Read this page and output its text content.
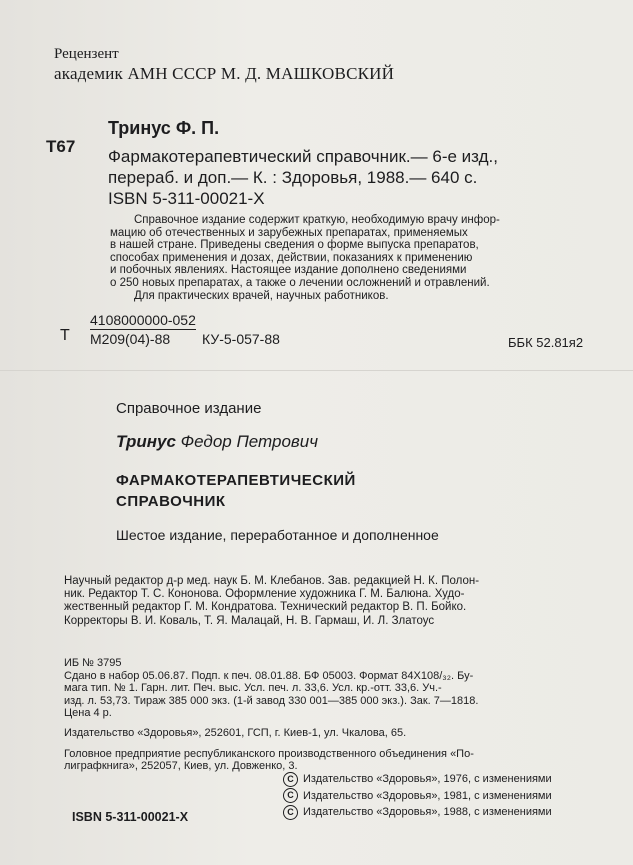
Рецензент
академик АМН СССР М. Д. МАШКОВСКИЙ
Тринус Ф. П.
Т67
Фармакотерапевтический справочник.— 6-е изд.,
перераб. и доп.— К. : Здоровья, 1988.— 640 с.
ISBN 5-311-00021-X
Справочное издание содержит краткую, необходимую врачу инфор-
мацию об отечественных и зарубежных препаратах, применяемых
в нашей стране. Приведены сведения о форме выпуска препаратов,
способах применения и дозах, действии, показаниях к применению
и побочных явлениях. Настоящее издание дополнено сведениями
о 250 новых препаратах, а также о лечении осложнений и отравлений.
Для практических врачей, научных работников.
Т
4108000000-052
М209(04)-88	КУ-5-057-88	ББК 52.81я2
Справочное издание
Тринус Федор Петрович
ФАРМАКОТЕРАПЕВТИЧЕСКИЙ
СПРАВОЧНИК
Шестое издание, переработанное и дополненное
Научный редактор д-р мед. наук Б. М. Клебанов. Зав. редакцией Н. К. Полон-
ник. Редактор Т. С. Кононова. Оформление художника Г. М. Балюна. Худо-
жественный редактор Г. М. Кондратова. Технический редактор В. П. Бойко.
Корректоры В. И. Коваль, Т. Я. Малацай, Н. В. Гармаш, И. Л. Златоус
ИБ № 3795
Сдано в набор 05.06.87. Подп. к печ. 08.01.88. БФ 05003. Формат 84Х108/₃₂. Бу-
мага тип. № 1. Гарн. лит. Печ. выс. Усл. печ. л. 33,6. Усл. кр.-отт. 33,6. Уч.-
изд. л. 53,73. Тираж 385 000 экз. (1-й завод 330 001—385 000 экз.). Зак. 7—1818.
Цена 4 р.
Издательство «Здоровья», 252601, ГСП, г. Киев-1, ул. Чкалова, 65.
Головное предприятие республиканского производственного объединения «По-
лиграфкнига», 252057, Киев, ул. Довженко, 3.
ISBN 5-311-00021-X
С Издательство «Здоровья», 1976, с изменениями
С Издательство «Здоровья», 1981, с изменениями
С Издательство «Здоровья», 1988, с изменениями
